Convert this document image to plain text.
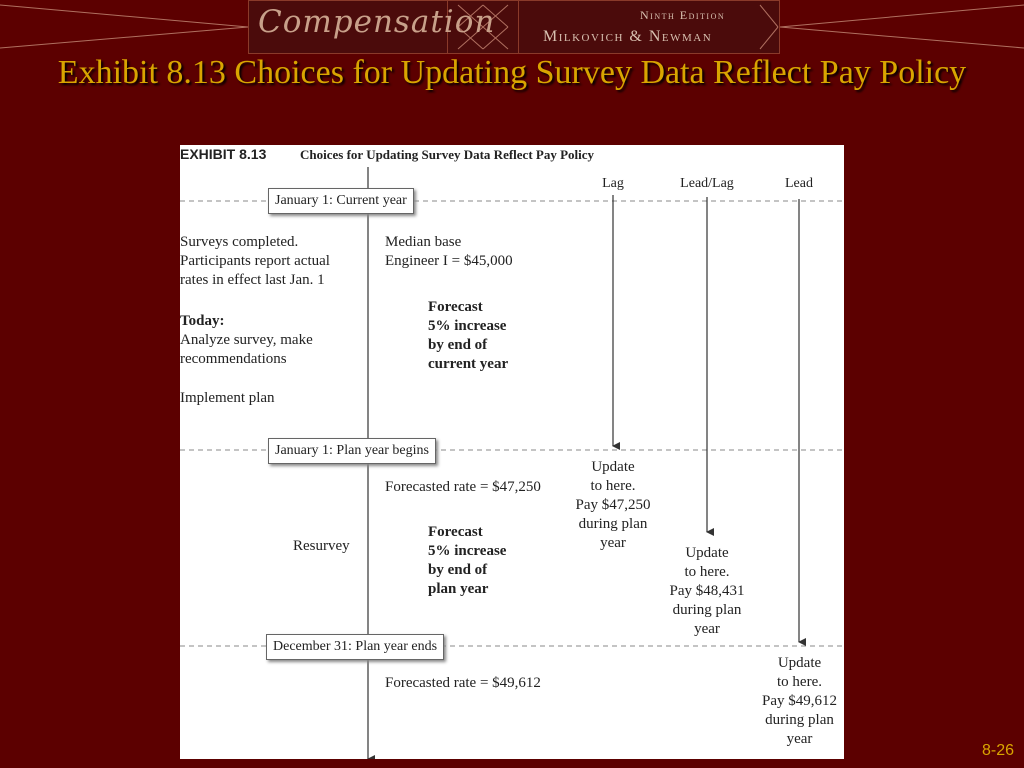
Compensation	Ninth Edition
Milkovich & Newman
Exhibit 8.13 Choices for Updating Survey Data Reflect Pay Policy
EXHIBIT 8.13	Choices for Updating Survey Data Reflect Pay Policy
Lag	Lead/Lag	Lead
January 1: Current year
January 1: Plan year begins
December 31: Plan year ends
Surveys completed.
Participants report actual
rates in effect last Jan. 1
Today:
Analyze survey, make
recommendations
Implement plan
Resurvey
Median base
Engineer I = $45,000
Forecasted rate = $47,250
Forecasted rate = $49,612
Forecast
5% increase
by end of
current year
Forecast
5% increase
by end of
plan year
Update
to here.
Pay $47,250
during plan
year
Update
to here.
Pay $48,431
during plan
year
Update
to here.
Pay $49,612
during plan
year
8-26
